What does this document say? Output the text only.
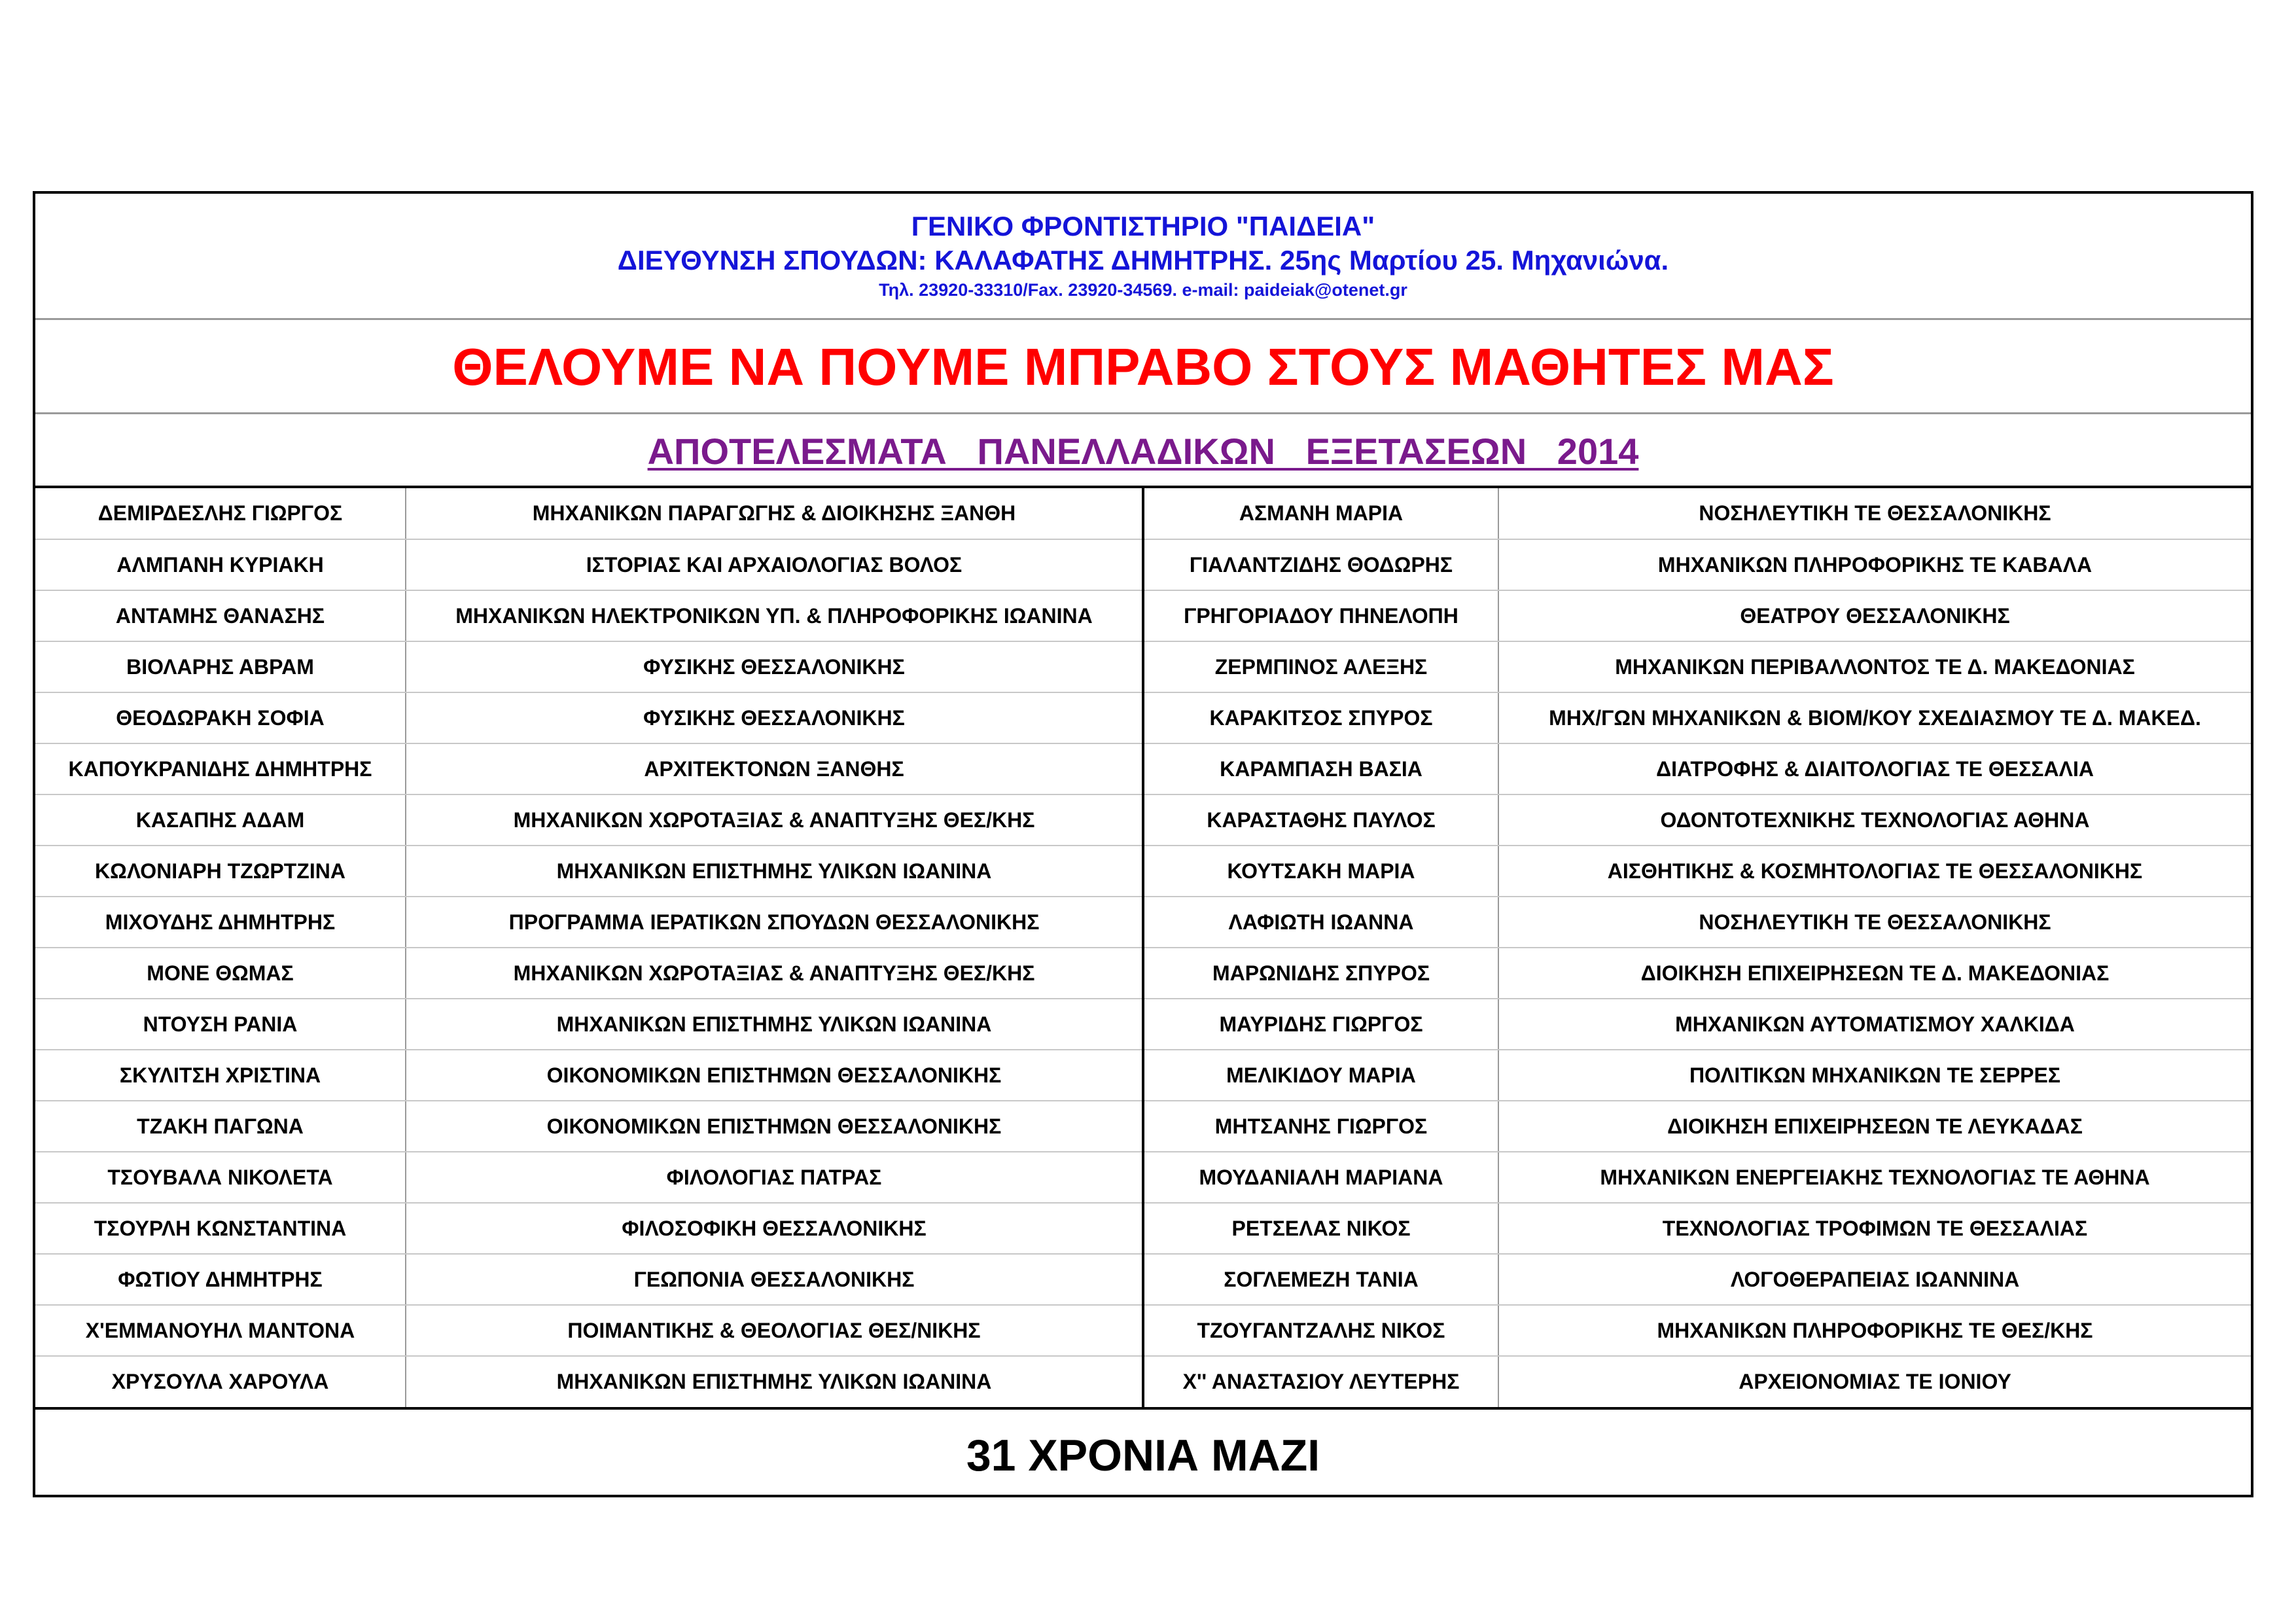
ΓΕΝΙΚΟ ΦΡΟΝΤΙΣΤΗΡΙΟ "ΠΑΙΔΕΙΑ"
ΔΙΕΥΘΥΝΣΗ ΣΠΟΥΔΩΝ: ΚΑΛΑΦΑΤΗΣ ΔΗΜΗΤΡΗΣ. 25ης Μαρτίου 25. Μηχανιώνα.
Τηλ. 23920-33310/Fax. 23920-34569. e-mail: paideiak@otenet.gr
ΘΕΛΟΥΜΕ ΝΑ ΠΟΥΜΕ ΜΠΡΑΒΟ ΣΤΟΥΣ ΜΑΘΗΤΕΣ ΜΑΣ
ΑΠΟΤΕΛΕΣΜΑΤΑ   ΠΑΝΕΛΛΑΔΙΚΩΝ   ΕΞΕΤΑΣΕΩΝ   2014
ΔΕΜΙΡΔΕΣΛΗΣ ΓΙΩΡΓΟΣ	ΜΗΧΑΝΙΚΩΝ ΠΑΡΑΓΩΓΗΣ & ΔΙΟΙΚΗΣΗΣ ΞΑΝΘΗ	ΑΣΜΑΝΗ ΜΑΡΙΑ	ΝΟΣΗΛΕΥΤΙΚΗ ΤΕ ΘΕΣΣΑΛΟΝΙΚΗΣ
ΑΛΜΠΑΝΗ ΚΥΡΙΑΚΗ	ΙΣΤΟΡΙΑΣ ΚΑΙ ΑΡΧΑΙΟΛΟΓΙΑΣ ΒΟΛΟΣ	ΓΙΑΛΑΝΤΖΙΔΗΣ ΘΟΔΩΡΗΣ	ΜΗΧΑΝΙΚΩΝ ΠΛΗΡΟΦΟΡΙΚΗΣ ΤΕ ΚΑΒΑΛΑ
ΑΝΤΑΜΗΣ ΘΑΝΑΣΗΣ	ΜΗΧΑΝΙΚΩΝ ΗΛΕΚΤΡΟΝΙΚΩΝ ΥΠ. & ΠΛΗΡΟΦΟΡΙΚΗΣ ΙΩΑΝΙΝΑ	ΓΡΗΓΟΡΙΑΔΟΥ ΠΗΝΕΛΟΠΗ	ΘΕΑΤΡΟΥ ΘΕΣΣΑΛΟΝΙΚΗΣ
ΒΙΟΛΑΡΗΣ ΑΒΡΑΜ	ΦΥΣΙΚΗΣ ΘΕΣΣΑΛΟΝΙΚΗΣ	ΖΕΡΜΠΙΝΟΣ ΑΛΕΞΗΣ	ΜΗΧΑΝΙΚΩΝ ΠΕΡΙΒΑΛΛΟΝΤΟΣ ΤΕ Δ. ΜΑΚΕΔΟΝΙΑΣ
ΘΕΟΔΩΡΑΚΗ ΣΟΦΙΑ	ΦΥΣΙΚΗΣ ΘΕΣΣΑΛΟΝΙΚΗΣ	ΚΑΡΑΚΙΤΣΟΣ ΣΠΥΡΟΣ	ΜΗΧ/ΓΩΝ ΜΗΧΑΝΙΚΩΝ & ΒΙΟΜ/ΚΟΥ ΣΧΕΔΙΑΣΜΟΥ ΤΕ Δ. ΜΑΚΕΔ.
ΚΑΠΟΥΚΡΑΝΙΔΗΣ ΔΗΜΗΤΡΗΣ	ΑΡΧΙΤΕΚΤΟΝΩΝ ΞΑΝΘΗΣ	ΚΑΡΑΜΠΑΣΗ ΒΑΣΙΑ	ΔΙΑΤΡΟΦΗΣ & ΔΙΑΙΤΟΛΟΓΙΑΣ ΤΕ ΘΕΣΣΑΛΙΑ
ΚΑΣΑΠΗΣ ΑΔΑΜ	ΜΗΧΑΝΙΚΩΝ ΧΩΡΟΤΑΞΙΑΣ & ΑΝΑΠΤΥΞΗΣ ΘΕΣ/ΚΗΣ	ΚΑΡΑΣΤΑΘΗΣ ΠΑΥΛΟΣ	ΟΔΟΝΤΟΤΕΧΝΙΚΗΣ ΤΕΧΝΟΛΟΓΙΑΣ ΑΘΗΝΑ
ΚΩΛΟΝΙΑΡΗ ΤΖΩΡΤΖΙΝΑ	ΜΗΧΑΝΙΚΩΝ ΕΠΙΣΤΗΜΗΣ ΥΛΙΚΩΝ ΙΩΑΝΙΝΑ	ΚΟΥΤΣΑΚΗ ΜΑΡΙΑ	ΑΙΣΘΗΤΙΚΗΣ & ΚΟΣΜΗΤΟΛΟΓΙΑΣ ΤΕ ΘΕΣΣΑΛΟΝΙΚΗΣ
ΜΙΧΟΥΔΗΣ ΔΗΜΗΤΡΗΣ	ΠΡΟΓΡΑΜΜΑ ΙΕΡΑΤΙΚΩΝ ΣΠΟΥΔΩΝ ΘΕΣΣΑΛΟΝΙΚΗΣ	ΛΑΦΙΩΤΗ ΙΩΑΝΝΑ	ΝΟΣΗΛΕΥΤΙΚΗ ΤΕ ΘΕΣΣΑΛΟΝΙΚΗΣ
ΜΟΝΕ ΘΩΜΑΣ	ΜΗΧΑΝΙΚΩΝ ΧΩΡΟΤΑΞΙΑΣ & ΑΝΑΠΤΥΞΗΣ ΘΕΣ/ΚΗΣ	ΜΑΡΩΝΙΔΗΣ ΣΠΥΡΟΣ	ΔΙΟΙΚΗΣΗ ΕΠΙΧΕΙΡΗΣΕΩΝ ΤΕ Δ. ΜΑΚΕΔΟΝΙΑΣ
ΝΤΟΥΣΗ ΡΑΝΙΑ	ΜΗΧΑΝΙΚΩΝ ΕΠΙΣΤΗΜΗΣ ΥΛΙΚΩΝ ΙΩΑΝΙΝΑ	ΜΑΥΡΙΔΗΣ ΓΙΩΡΓΟΣ	ΜΗΧΑΝΙΚΩΝ ΑΥΤΟΜΑΤΙΣΜΟΥ ΧΑΛΚΙΔΑ
ΣΚΥΛΙΤΣΗ ΧΡΙΣΤΙΝΑ	ΟΙΚΟΝΟΜΙΚΩΝ ΕΠΙΣΤΗΜΩΝ ΘΕΣΣΑΛΟΝΙΚΗΣ	ΜΕΛΙΚΙΔΟΥ ΜΑΡΙΑ	ΠΟΛΙΤΙΚΩΝ ΜΗΧΑΝΙΚΩΝ ΤΕ ΣΕΡΡΕΣ
ΤΖΑΚΗ ΠΑΓΩΝΑ	ΟΙΚΟΝΟΜΙΚΩΝ ΕΠΙΣΤΗΜΩΝ ΘΕΣΣΑΛΟΝΙΚΗΣ	ΜΗΤΣΑΝΗΣ ΓΙΩΡΓΟΣ	ΔΙΟΙΚΗΣΗ ΕΠΙΧΕΙΡΗΣΕΩΝ ΤΕ ΛΕΥΚΑΔΑΣ
ΤΣΟΥΒΑΛΑ ΝΙΚΟΛΕΤΑ	ΦΙΛΟΛΟΓΙΑΣ ΠΑΤΡΑΣ	ΜΟΥΔΑΝΙΑΛΗ ΜΑΡΙΑΝΑ	ΜΗΧΑΝΙΚΩΝ ΕΝΕΡΓΕΙΑΚΗΣ ΤΕΧΝΟΛΟΓΙΑΣ ΤΕ ΑΘΗΝΑ
ΤΣΟΥΡΛΗ ΚΩΝΣΤΑΝΤΙΝΑ	ΦΙΛΟΣΟΦΙΚΗ ΘΕΣΣΑΛΟΝΙΚΗΣ	ΡΕΤΣΕΛΑΣ ΝΙΚΟΣ	ΤΕΧΝΟΛΟΓΙΑΣ ΤΡΟΦΙΜΩΝ ΤΕ ΘΕΣΣΑΛΙΑΣ
ΦΩΤΙΟΥ ΔΗΜΗΤΡΗΣ	ΓΕΩΠΟΝΙΑ ΘΕΣΣΑΛΟΝΙΚΗΣ	ΣΟΓΛΕΜΕΖΗ ΤΑΝΙΑ	ΛΟΓΟΘΕΡΑΠΕΙΑΣ ΙΩΑΝΝΙΝΑ
Χ'ΕΜΜΑΝΟΥΗΛ ΜΑΝΤΟΝΑ	ΠΟΙΜΑΝΤΙΚΗΣ & ΘΕΟΛΟΓΙΑΣ ΘΕΣ/ΝΙΚΗΣ	ΤΖΟΥΓΑΝΤΖΑΛΗΣ ΝΙΚΟΣ	ΜΗΧΑΝΙΚΩΝ ΠΛΗΡΟΦΟΡΙΚΗΣ ΤΕ ΘΕΣ/ΚΗΣ
ΧΡΥΣΟΥΛΑ ΧΑΡΟΥΛΑ	ΜΗΧΑΝΙΚΩΝ ΕΠΙΣΤΗΜΗΣ ΥΛΙΚΩΝ ΙΩΑΝΙΝΑ	Χ'' ΑΝΑΣΤΑΣΙΟΥ ΛΕΥΤΕΡΗΣ	ΑΡΧΕΙΟΝΟΜΙΑΣ ΤΕ ΙΟΝΙΟΥ
31 ΧΡΟΝΙΑ ΜΑΖΙ
